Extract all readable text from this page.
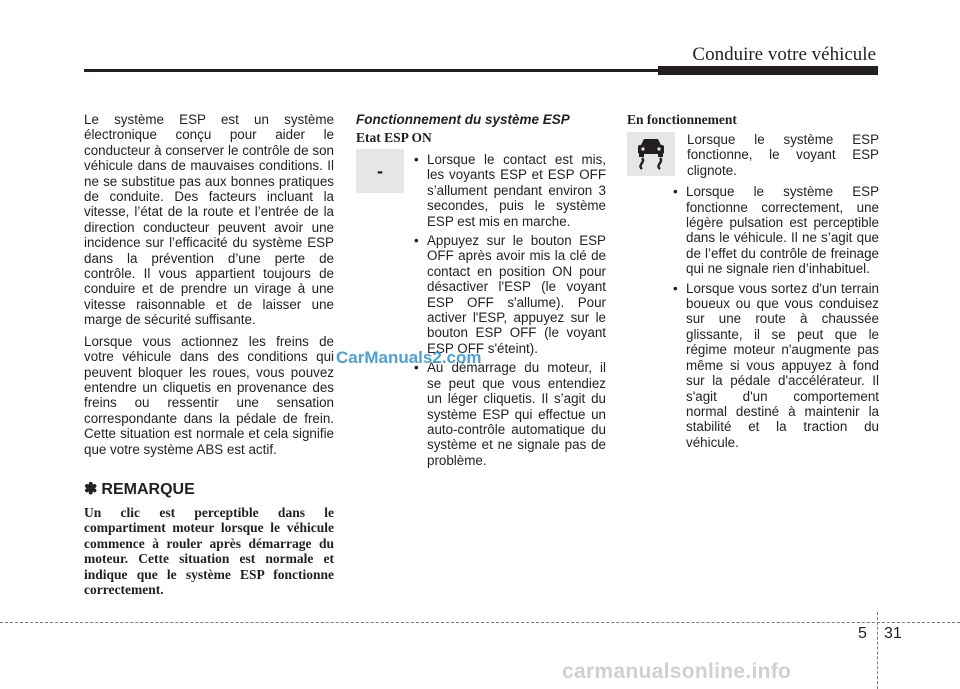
Conduire votre véhicule

Le système ESP est un système électronique conçu pour aider le conducteur à conserver le contrôle de son véhicule dans de mauvaises conditions. Il ne se substitue pas aux bonnes pratiques de conduite. Des facteurs incluant la vitesse, l’état de la route et l’entrée de la direction conducteur peuvent avoir une incidence sur l’efficacité du système ESP dans la prévention d’une perte de contrôle. Il vous appartient toujours de conduire et de prendre un virage à une vitesse raisonnable et de laisser une marge de sécurité suffisante.

Lorsque vous actionnez les freins de votre véhicule dans des conditions qui peuvent bloquer les roues, vous pouvez entendre un cliquetis en provenance des freins ou ressentir une sensation correspondante dans la pédale de frein. Cette situation est normale et cela signifie que votre système ABS est actif.

✽ REMARQUE

Un clic est perceptible dans le compartiment moteur lorsque le véhicule commence à rouler après démarrage du moteur. Cette situation est normale et indique que le système ESP fonctionne correctement.

Fonctionnement du système ESP
Etat ESP ON
-
• Lorsque le contact est mis, les voyants ESP et ESP OFF s’allument pendant environ 3 secondes, puis le système ESP est mis en marche.
• Appuyez sur le bouton ESP OFF après avoir mis la clé de contact en position ON pour désactiver l'ESP (le voyant ESP OFF s'allume). Pour activer l'ESP, appuyez sur le bouton ESP OFF (le voyant ESP OFF s'éteint).
• Au démarrage du moteur, il se peut que vous entendiez un léger cliquetis. Il s’agit du système ESP qui effectue un auto-contrôle automatique du système et ne signale pas de problème.
En fonctionnement

Lorsque le système ESP fonctionne, le voyant ESP clignote.

• Lorsque le système ESP fonctionne correctement, une légère pulsation est perceptible dans le véhicule. Il ne s’agit que de l’effet du contrôle de freinage qui ne signale rien d’inhabituel.
• Lorsque vous sortez d'un terrain boueux ou que vous conduisez sur une route à chaussée glissante, il se peut que le régime moteur n'augmente pas même si vous appuyez à fond sur la pédale d'accélérateur. Il s'agit d'un comportement normal destiné à maintenir la stabilité et la traction du véhicule.
CarManuals2.com
5 31
carmanualsonline.info
